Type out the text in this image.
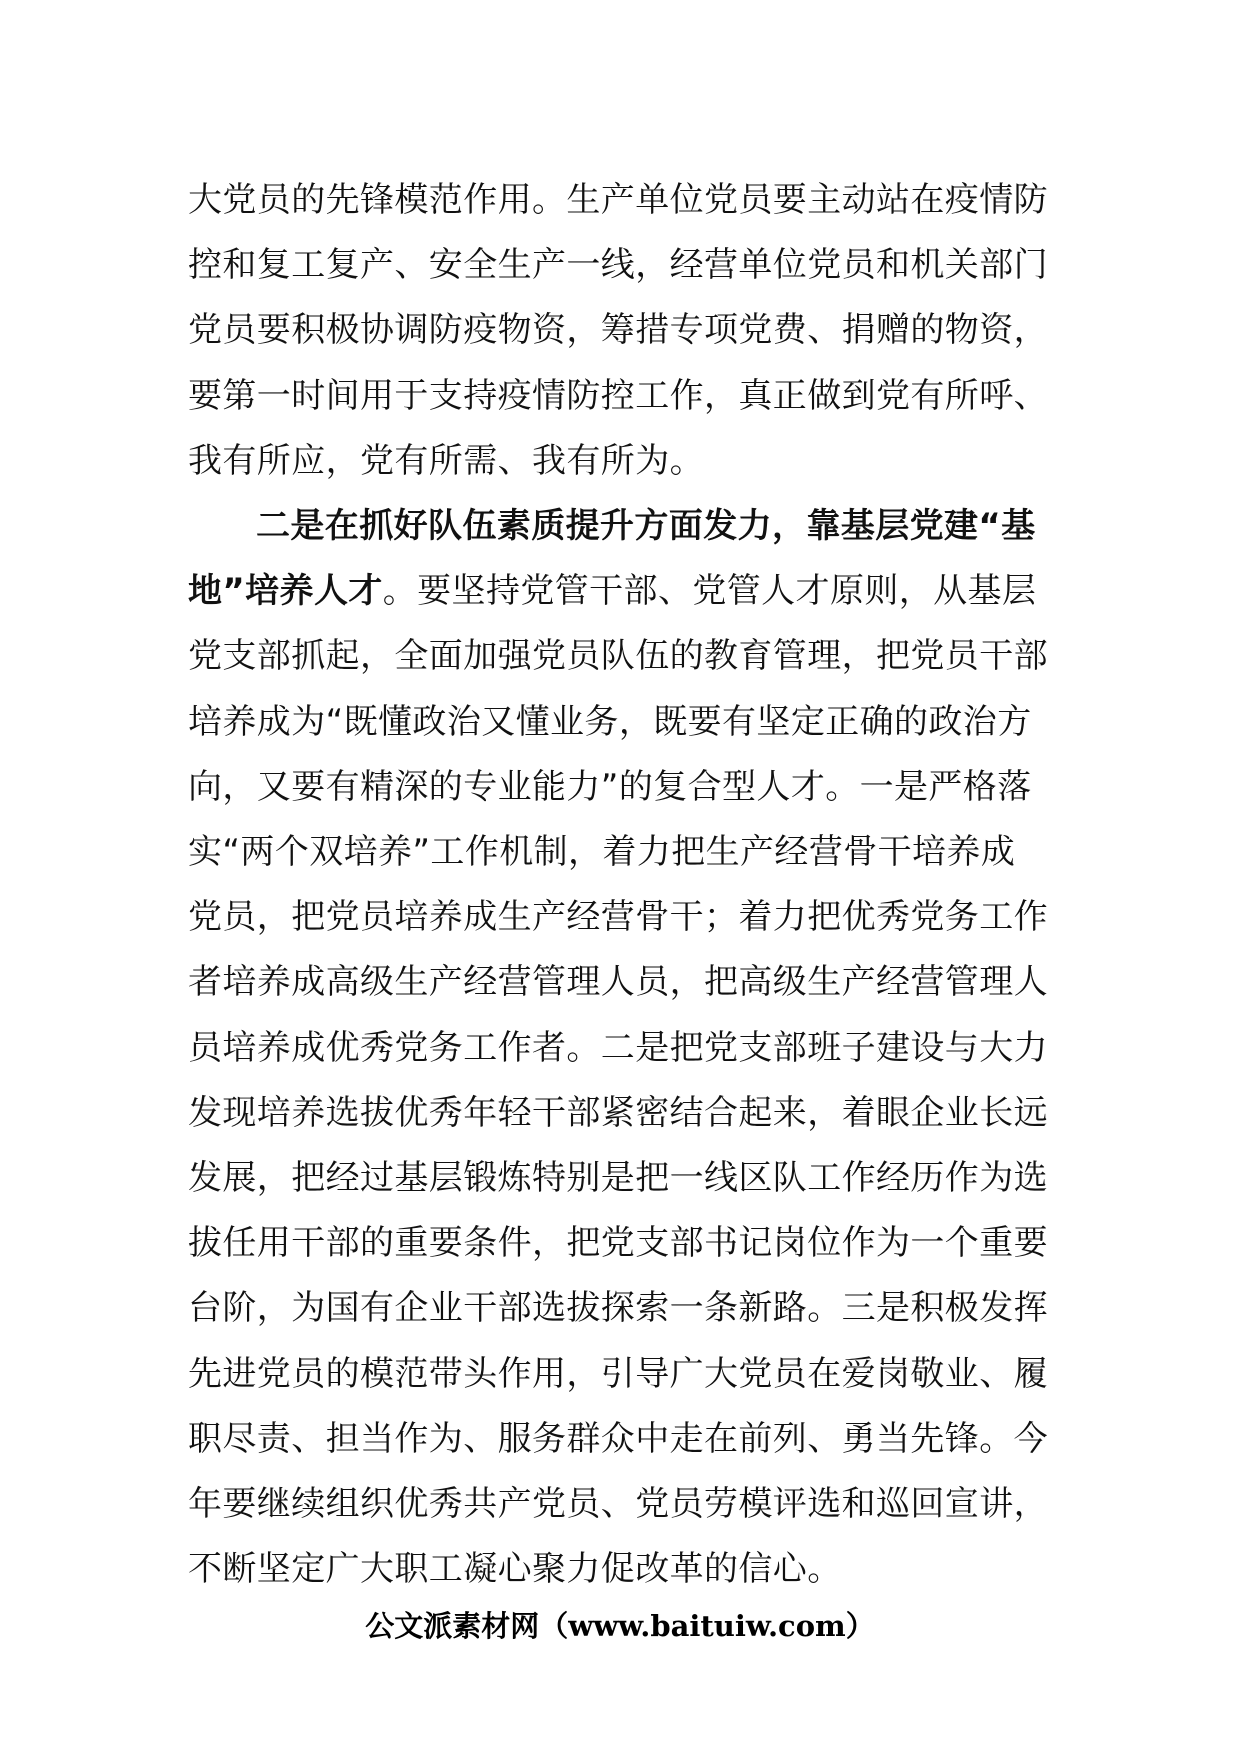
大党员的先锋模范作用。生产单位党员要主动站在疫情防
控和复工复产、安全生产一线，经营单位党员和机关部门
党员要积极协调防疫物资，筹措专项党费、捐赠的物资，
要第一时间用于支持疫情防控工作，真正做到党有所呼、
我有所应，党有所需、我有所为。
二是在抓好队伍素质提升方面发力，靠基层党建“基
地”培养人才。要坚持党管干部、党管人才原则，从基层
党支部抓起，全面加强党员队伍的教育管理，把党员干部
培养成为“既懂政治又懂业务，既要有坚定正确的政治方
向，又要有精深的专业能力”的复合型人才。一是严格落
实“两个双培养”工作机制，着力把生产经营骨干培养成
党员，把党员培养成生产经营骨干；着力把优秀党务工作
者培养成高级生产经营管理人员，把高级生产经营管理人
员培养成优秀党务工作者。二是把党支部班子建设与大力
发现培养选拔优秀年轻干部紧密结合起来，着眼企业长远
发展，把经过基层锻炼特别是把一线区队工作经历作为选
拔任用干部的重要条件，把党支部书记岗位作为一个重要
台阶，为国有企业干部选拔探索一条新路。三是积极发挥
先进党员的模范带头作用，引导广大党员在爱岗敬业、履
职尽责、担当作为、服务群众中走在前列、勇当先锋。今
年要继续组织优秀共产党员、党员劳模评选和巡回宣讲，
不断坚定广大职工凝心聚力促改革的信心。
公文派素材网（www.baituiw.com）
